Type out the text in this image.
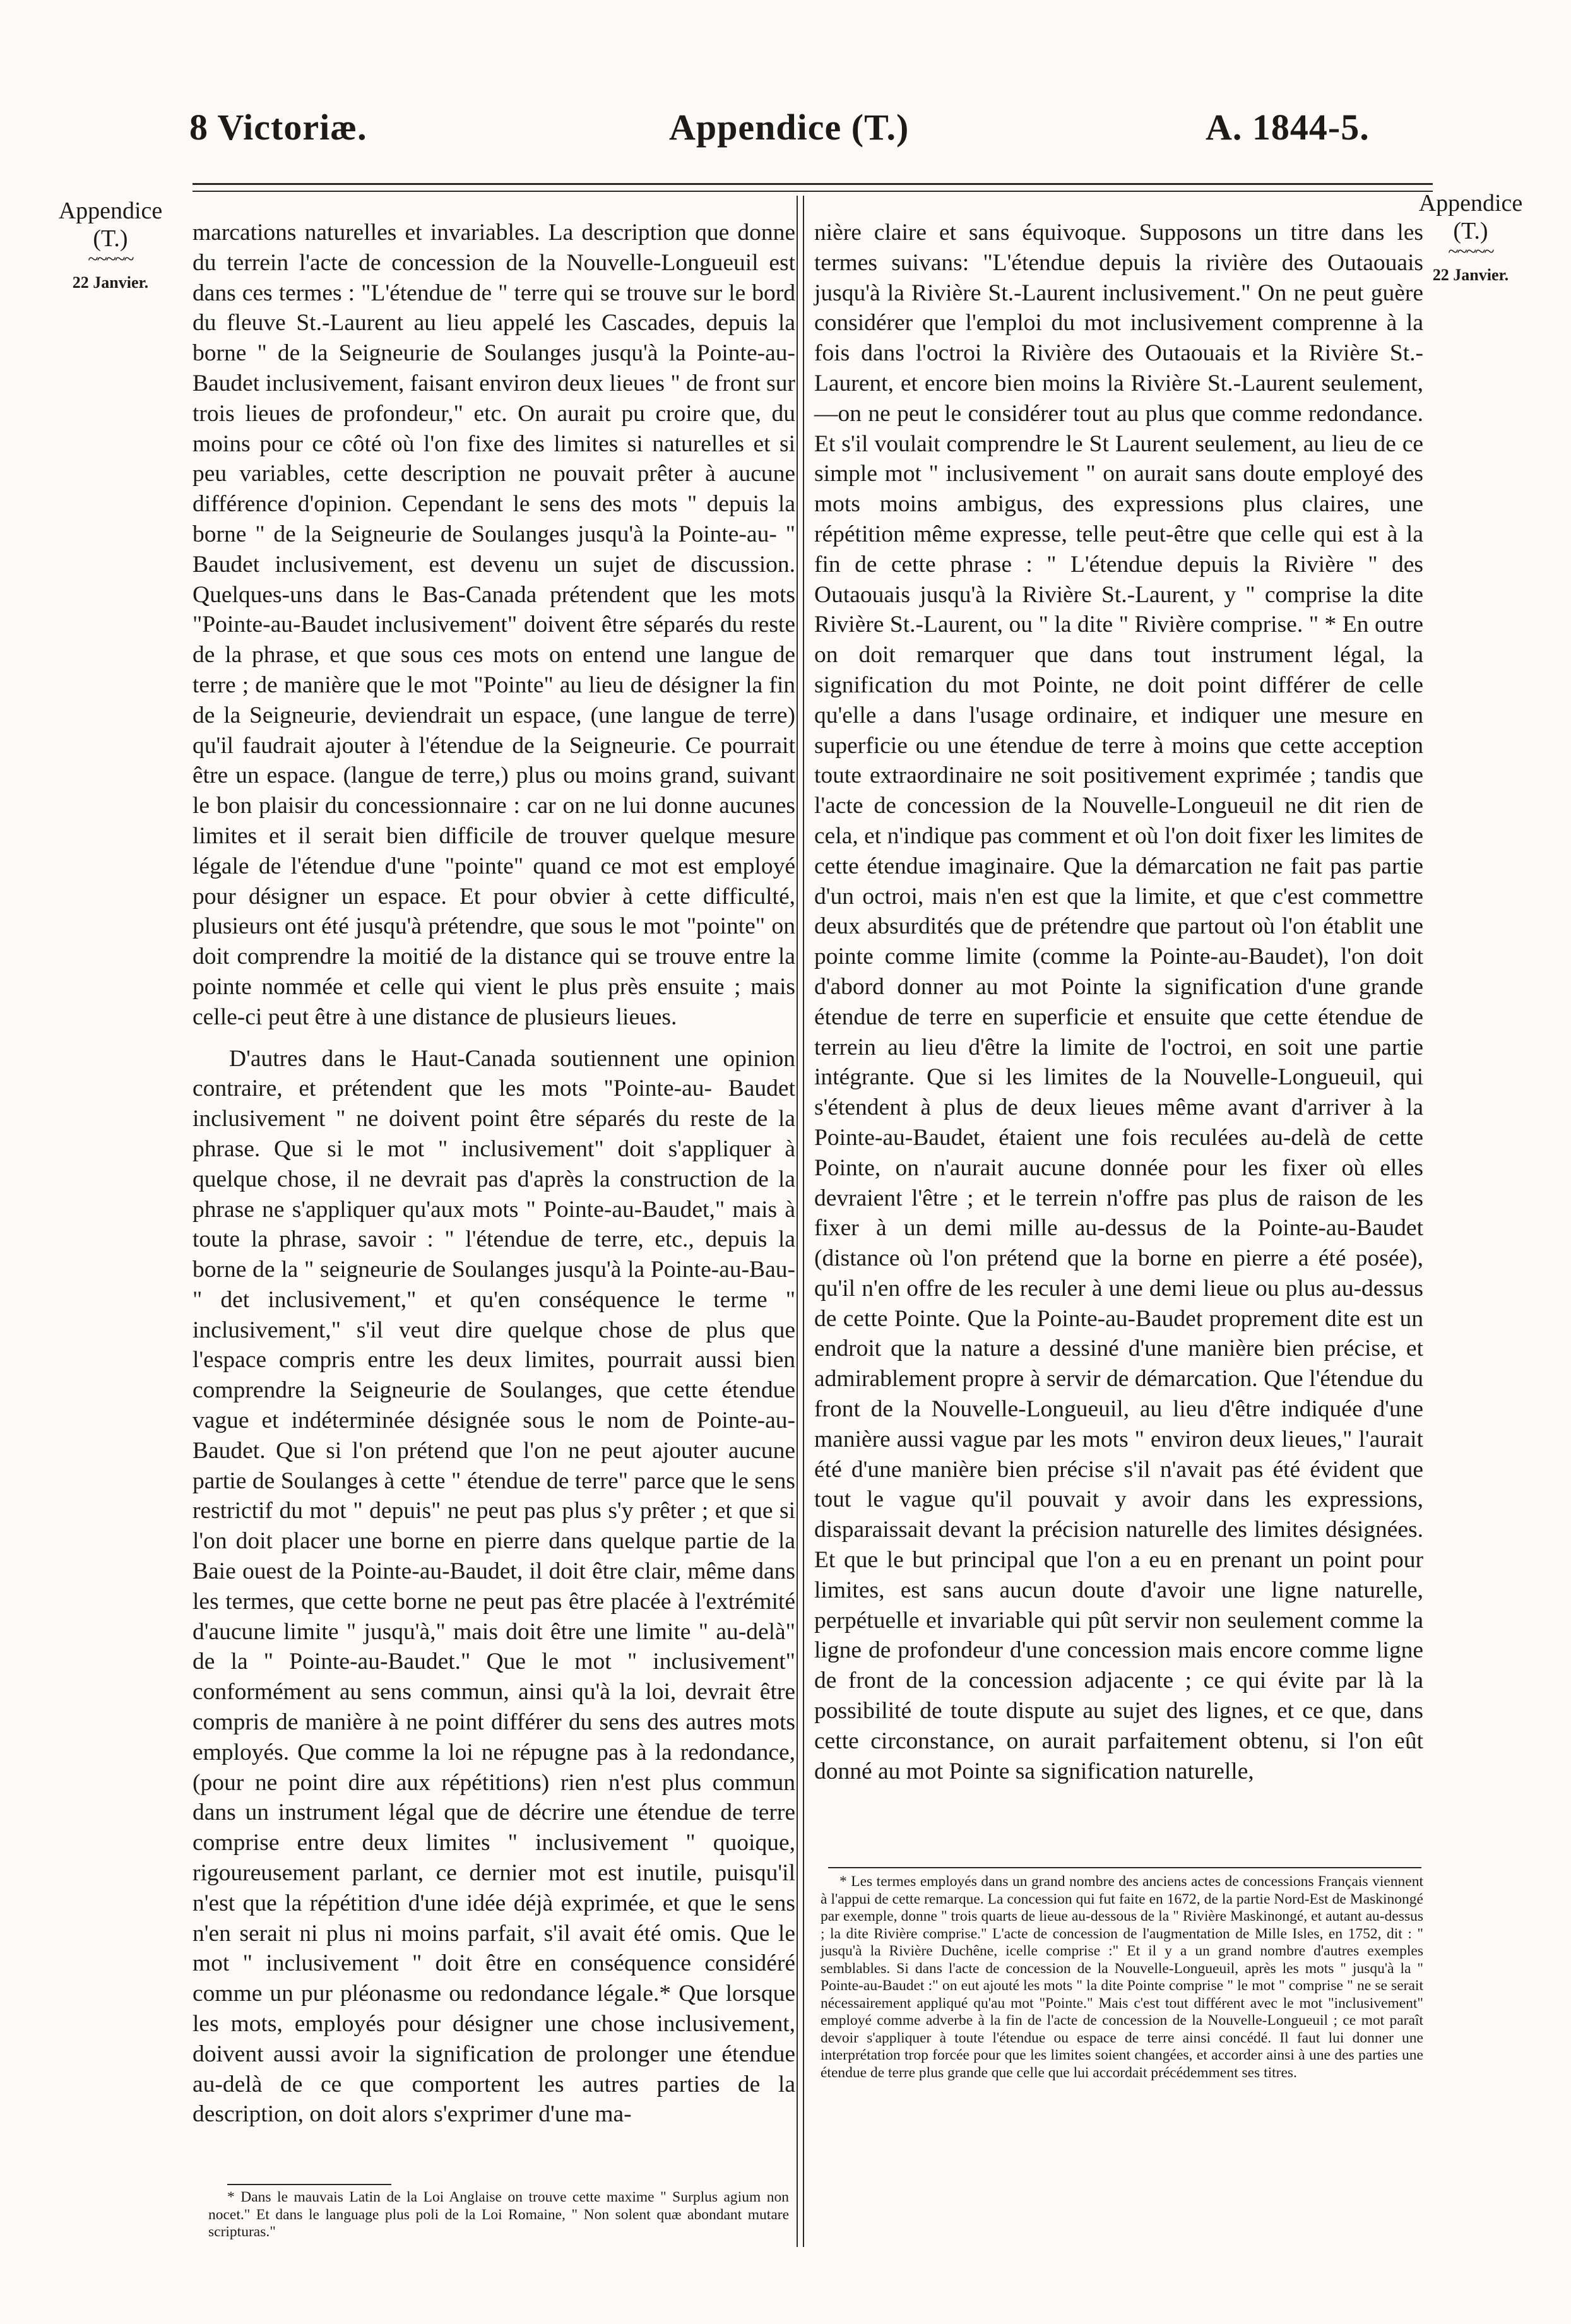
8 Victoriæ.	Appendice (T.)	A. 1844-5.
Appendice
(T.)
~~~~~
22 Janvier.
Appendice
(T.)
~~~~~
22 Janvier.

marcations naturelles et invariables. La description que donne du terrein l'acte de concession de la Nouvelle-Longueuil est dans ces termes : "L'étendue de " terre qui se trouve sur le bord du fleuve St.-Laurent au lieu appelé les Cascades, depuis la borne " de la Seigneurie de Soulanges jusqu'à la Pointe-au- Baudet inclusivement, faisant environ deux lieues " de front sur trois lieues de profondeur," etc. On aurait pu croire que, du moins pour ce côté où l'on fixe des limites si naturelles et si peu variables, cette description ne pouvait prêter à aucune différence d'opinion. Cependant le sens des mots " depuis la borne " de la Seigneurie de Soulanges jusqu'à la Pointe-au- " Baudet inclusivement, est devenu un sujet de discussion. Quelques-uns dans le Bas-Canada prétendent que les mots "Pointe-au-Baudet inclusivement" doivent être séparés du reste de la phrase, et que sous ces mots on entend une langue de terre ; de manière que le mot "Pointe" au lieu de désigner la fin de la Seigneurie, deviendrait un espace, (une langue de terre) qu'il faudrait ajouter à l'étendue de la Seigneurie. Ce pourrait être un espace. (langue de terre,) plus ou moins grand, suivant le bon plaisir du concessionnaire : car on ne lui donne aucunes limites et il serait bien difficile de trouver quelque mesure légale de l'étendue d'une "pointe" quand ce mot est employé pour désigner un espace. Et pour obvier à cette difficulté, plusieurs ont été jusqu'à prétendre, que sous le mot "pointe" on doit comprendre la moitié de la distance qui se trouve entre la pointe nommée et celle qui vient le plus près ensuite ; mais celle-ci peut être à une distance de plusieurs lieues.

D'autres dans le Haut-Canada soutiennent une opinion contraire, et prétendent que les mots "Pointe-au- Baudet inclusivement " ne doivent point être séparés du reste de la phrase. Que si le mot " inclusivement" doit s'appliquer à quelque chose, il ne devrait pas d'après la construction de la phrase ne s'appliquer qu'aux mots " Pointe-au-Baudet," mais à toute la phrase, savoir : " l'étendue de terre, etc., depuis la borne de la " seigneurie de Soulanges jusqu'à la Pointe-au-Bau- " det inclusivement," et qu'en conséquence le terme " inclusivement," s'il veut dire quelque chose de plus que l'espace compris entre les deux limites, pourrait aussi bien comprendre la Seigneurie de Soulanges, que cette étendue vague et indéterminée désignée sous le nom de Pointe-au-Baudet. Que si l'on prétend que l'on ne peut ajouter aucune partie de Soulanges à cette " étendue de terre" parce que le sens restrictif du mot " depuis" ne peut pas plus s'y prêter ; et que si l'on doit placer une borne en pierre dans quelque partie de la Baie ouest de la Pointe-au-Baudet, il doit être clair, même dans les termes, que cette borne ne peut pas être placée à l'extrémité d'aucune limite " jusqu'à," mais doit être une limite " au-delà" de la " Pointe-au-Baudet." Que le mot " inclusivement" conformément au sens commun, ainsi qu'à la loi, devrait être compris de manière à ne point différer du sens des autres mots employés. Que comme la loi ne répugne pas à la redondance, (pour ne point dire aux répétitions) rien n'est plus commun dans un instrument légal que de décrire une étendue de terre comprise entre deux limites " inclusivement " quoique, rigoureusement parlant, ce dernier mot est inutile, puisqu'il n'est que la répétition d'une idée déjà exprimée, et que le sens n'en serait ni plus ni moins parfait, s'il avait été omis. Que le mot " inclusivement " doit être en conséquence considéré comme un pur pléonasme ou redondance légale.* Que lorsque les mots, employés pour désigner une chose inclusivement, doivent aussi avoir la signification de prolonger une étendue au-delà de ce que comportent les autres parties de la description, on doit alors s'exprimer d'une ma-

nière claire et sans équivoque. Supposons un titre dans les termes suivans: "L'étendue depuis la rivière des Outaouais jusqu'à la Rivière St.-Laurent inclusivement." On ne peut guère considérer que l'emploi du mot inclusivement comprenne à la fois dans l'octroi la Rivière des Outaouais et la Rivière St.-Laurent, et encore bien moins la Rivière St.-Laurent seulement,—on ne peut le considérer tout au plus que comme redondance. Et s'il voulait comprendre le St Laurent seulement, au lieu de ce simple mot " inclusivement " on aurait sans doute employé des mots moins ambigus, des expressions plus claires, une répétition même expresse, telle peut-être que celle qui est à la fin de cette phrase : " L'étendue depuis la Rivière " des Outaouais jusqu'à la Rivière St.-Laurent, y " comprise la dite Rivière St.-Laurent, ou " la dite " Rivière comprise. " * En outre on doit remarquer que dans tout instrument légal, la signification du mot Pointe, ne doit point différer de celle qu'elle a dans l'usage ordinaire, et indiquer une mesure en superficie ou une étendue de terre à moins que cette acception toute extraordinaire ne soit positivement exprimée ; tandis que l'acte de concession de la Nouvelle-Longueuil ne dit rien de cela, et n'indique pas comment et où l'on doit fixer les limites de cette étendue imaginaire. Que la démarcation ne fait pas partie d'un octroi, mais n'en est que la limite, et que c'est commettre deux absurdités que de prétendre que partout où l'on établit une pointe comme limite (comme la Pointe-au-Baudet), l'on doit d'abord donner au mot Pointe la signification d'une grande étendue de terre en superficie et ensuite que cette étendue de terrein au lieu d'être la limite de l'octroi, en soit une partie intégrante. Que si les limites de la Nouvelle-Longueuil, qui s'étendent à plus de deux lieues même avant d'arriver à la Pointe-au-Baudet, étaient une fois reculées au-delà de cette Pointe, on n'aurait aucune donnée pour les fixer où elles devraient l'être ; et le terrein n'offre pas plus de raison de les fixer à un demi mille au-dessus de la Pointe-au-Baudet (distance où l'on prétend que la borne en pierre a été posée), qu'il n'en offre de les reculer à une demi lieue ou plus au-dessus de cette Pointe. Que la Pointe-au-Baudet proprement dite est un endroit que la nature a dessiné d'une manière bien précise, et admirablement propre à servir de démarcation. Que l'étendue du front de la Nouvelle-Longueuil, au lieu d'être indiquée d'une manière aussi vague par les mots " environ deux lieues," l'aurait été d'une manière bien précise s'il n'avait pas été évident que tout le vague qu'il pouvait y avoir dans les expressions, disparaissait devant la précision naturelle des limites désignées. Et que le but principal que l'on a eu en prenant un point pour limites, est sans aucun doute d'avoir une ligne naturelle, perpétuelle et invariable qui pût servir non seulement comme la ligne de profondeur d'une concession mais encore comme ligne de front de la concession adjacente ; ce qui évite par là la possibilité de toute dispute au sujet des lignes, et ce que, dans cette circonstance, on aurait parfaitement obtenu, si l'on eût donné au mot Pointe sa signification naturelle,

* Dans le mauvais Latin de la Loi Anglaise on trouve cette maxime " Surplus agium non nocet." Et dans le language plus poli de la Loi Romaine, " Non solent quæ abondant mutare scripturas."
* Les termes employés dans un grand nombre des anciens actes de concessions Français viennent à l'appui de cette remarque. La concession qui fut faite en 1672, de la partie Nord-Est de Maskinongé par exemple, donne " trois quarts de lieue au-dessous de la " Rivière Maskinongé, et autant au-dessus ; la dite Rivière comprise." L'acte de concession de l'augmentation de Mille Isles, en 1752, dit : " jusqu'à la Rivière Duchêne, icelle comprise :" Et il y a un grand nombre d'autres exemples semblables. Si dans l'acte de concession de la Nouvelle-Longueuil, après les mots " jusqu'à la " Pointe-au-Baudet :" on eut ajouté les mots " la dite Pointe comprise " le mot " comprise " ne se serait nécessairement appliqué qu'au mot "Pointe." Mais c'est tout différent avec le mot "inclusivement" employé comme adverbe à la fin de l'acte de concession de la Nouvelle-Longueuil ; ce mot paraît devoir s'appliquer à toute l'étendue ou espace de terre ainsi concédé. Il faut lui donner une interprétation trop forcée pour que les limites soient changées, et accorder ainsi à une des parties une étendue de terre plus grande que celle que lui accordait précédemment ses titres.
